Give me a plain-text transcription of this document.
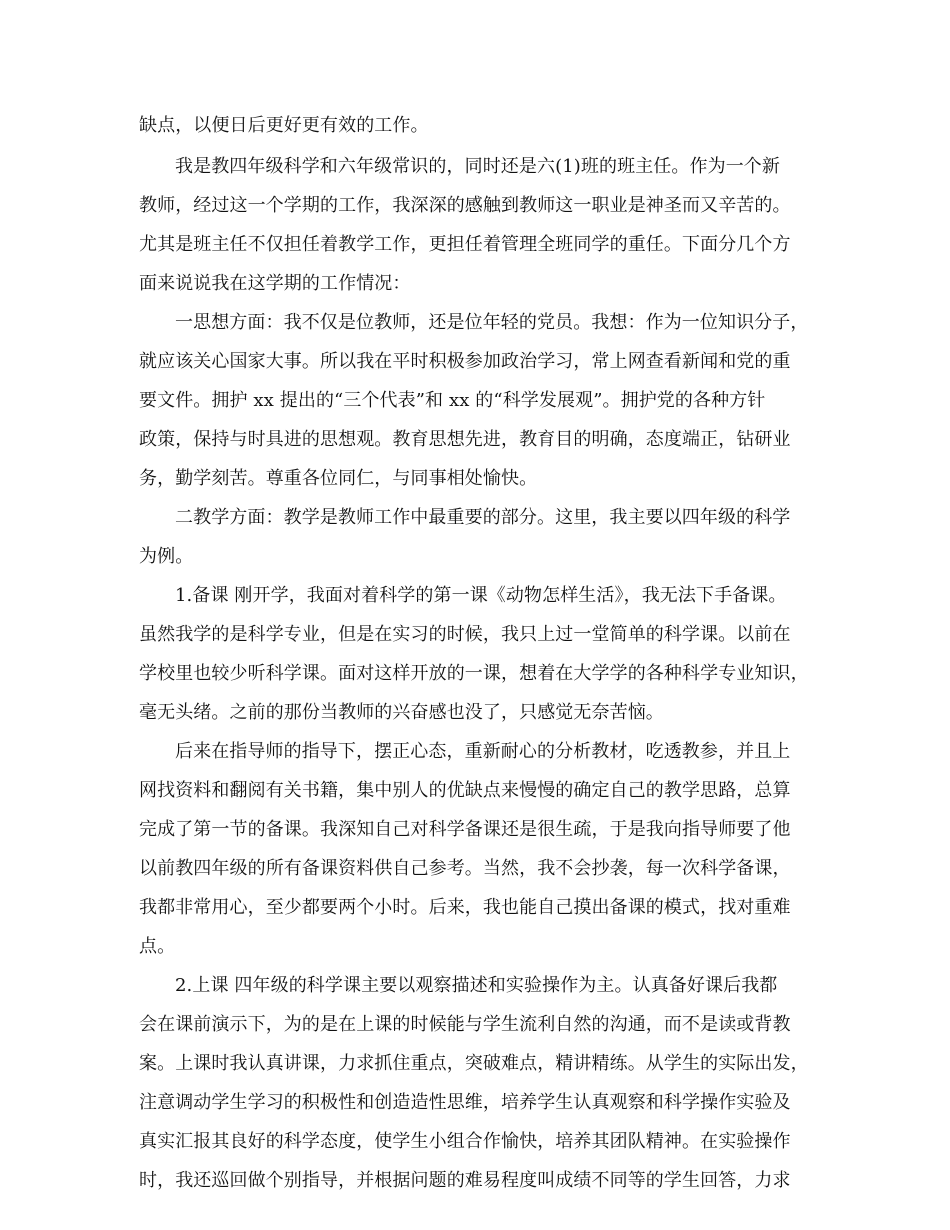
缺点，以便日后更好更有效的工作。
我是教四年级科学和六年级常识的，同时还是六(1)班的班主任。作为一个新
教师，经过这一个学期的工作，我深深的感触到教师这一职业是神圣而又辛苦的。
尤其是班主任不仅担任着教学工作，更担任着管理全班同学的重任。下面分几个方
面来说说我在这学期的工作情况：
一思想方面：我不仅是位教师，还是位年轻的党员。我想：作为一位知识分子，
就应该关心国家大事。所以我在平时积极参加政治学习，常上网查看新闻和党的重
要文件。拥护 xx 提出的“三个代表”和 xx 的“科学发展观”。拥护党的各种方针
政策，保持与时具进的思想观。教育思想先进，教育目的明确，态度端正，钻研业
务，勤学刻苦。尊重各位同仁，与同事相处愉快。
二教学方面：教学是教师工作中最重要的部分。这里，我主要以四年级的科学
为例。
1.备课 刚开学，我面对着科学的第一课《动物怎样生活》，我无法下手备课。
虽然我学的是科学专业，但是在实习的时候，我只上过一堂简单的科学课。以前在
学校里也较少听科学课。面对这样开放的一课，想着在大学学的各种科学专业知识，
毫无头绪。之前的那份当教师的兴奋感也没了，只感觉无奈苦恼。
后来在指导师的指导下，摆正心态，重新耐心的分析教材，吃透教参，并且上
网找资料和翻阅有关书籍，集中别人的优缺点来慢慢的确定自己的教学思路，总算
完成了第一节的备课。我深知自己对科学备课还是很生疏，于是我向指导师要了他
以前教四年级的所有备课资料供自己参考。当然，我不会抄袭，每一次科学备课，
我都非常用心，至少都要两个小时。后来，我也能自己摸出备课的模式，找对重难
点。
2.上课 四年级的科学课主要以观察描述和实验操作为主。认真备好课后我都
会在课前演示下，为的是在上课的时候能与学生流利自然的沟通，而不是读或背教
案。上课时我认真讲课，力求抓住重点，突破难点，精讲精练。从学生的实际出发，
注意调动学生学习的积极性和创造造性思维，培养学生认真观察和科学操作实验及
真实汇报其良好的科学态度，使学生小组合作愉快，培养其团队精神。在实验操作
时，我还巡回做个别指导，并根据问题的难易程度叫成绩不同等的学生回答，力求
